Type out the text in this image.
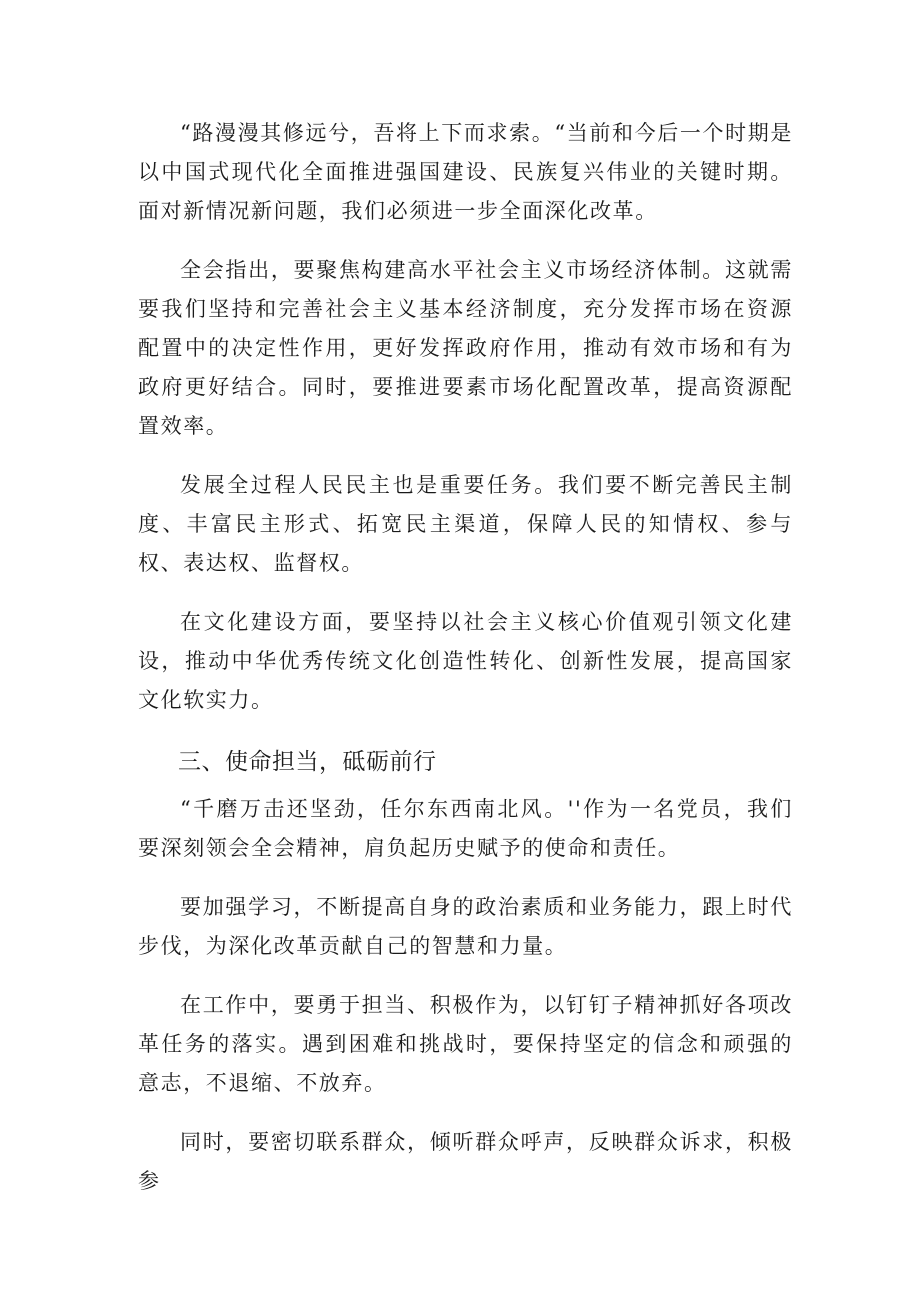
“路漫漫其修远兮，吾将上下而求索。“当前和今后一个时期是以中国式现代化全面推进强国建设、民族复兴伟业的关键时期。面对新情况新问题，我们必须进一步全面深化改革。

全会指出，要聚焦构建高水平社会主义市场经济体制。这就需要我们坚持和完善社会主义基本经济制度，充分发挥市场在资源配置中的决定性作用，更好发挥政府作用，推动有效市场和有为政府更好结合。同时，要推进要素市场化配置改革，提高资源配置效率。

发展全过程人民民主也是重要任务。我们要不断完善民主制度、丰富民主形式、拓宽民主渠道，保障人民的知情权、参与权、表达权、监督权。

在文化建设方面，要坚持以社会主义核心价值观引领文化建设，推动中华优秀传统文化创造性转化、创新性发展，提高国家文化软实力。

三、使命担当，砥砺前行

“千磨万击还坚劲，任尔东西南北风。''作为一名党员，我们要深刻领会全会精神，肩负起历史赋予的使命和责任。

要加强学习，不断提高自身的政治素质和业务能力，跟上时代步伐，为深化改革贡献自己的智慧和力量。

在工作中，要勇于担当、积极作为，以钉钉子精神抓好各项改革任务的落实。遇到困难和挑战时，要保持坚定的信念和顽强的意志，不退缩、不放弃。

同时，要密切联系群众，倾听群众呼声，反映群众诉求，积极参
